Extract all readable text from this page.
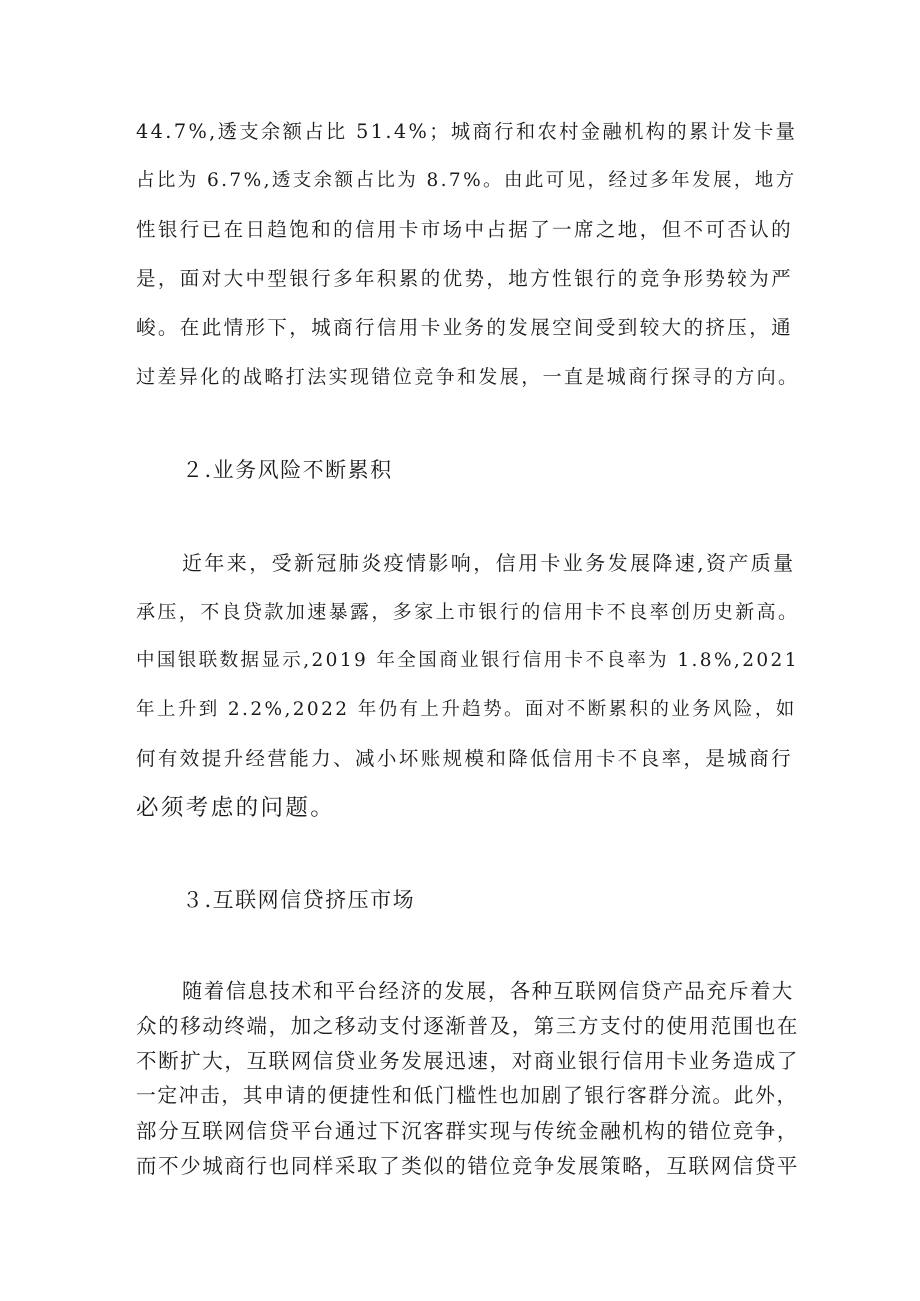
44.7%,透支余额占比 51.4%；城商行和农村金融机构的累计发卡量
占比为 6.7%,透支余额占比为 8.7%。由此可见，经过多年发展，地方
性银行已在日趋饱和的信用卡市场中占据了一席之地，但不可否认的
是，面对大中型银行多年积累的优势，地方性银行的竞争形势较为严
峻。在此情形下，城商行信用卡业务的发展空间受到较大的挤压，通
过差异化的战略打法实现错位竞争和发展，一直是城商行探寻的方向。
２.业务风险不断累积
近年来，受新冠肺炎疫情影响，信用卡业务发展降速,资产质量
承压，不良贷款加速暴露，多家上市银行的信用卡不良率创历史新高。
中国银联数据显示,2019 年全国商业银行信用卡不良率为 1.8%,2021
年上升到 2.2%,2022 年仍有上升趋势。面对不断累积的业务风险，如
何有效提升经营能力、减小坏账规模和降低信用卡不良率，是城商行
必须考虑的问题。
３.互联网信贷挤压市场
随着信息技术和平台经济的发展，各种互联网信贷产品充斥着大
众的移动终端，加之移动支付逐渐普及，第三方支付的使用范围也在
不断扩大，互联网信贷业务发展迅速，对商业银行信用卡业务造成了
一定冲击，其申请的便捷性和低门槛性也加剧了银行客群分流。此外，
部分互联网信贷平台通过下沉客群实现与传统金融机构的错位竞争，
而不少城商行也同样采取了类似的错位竞争发展策略，互联网信贷平
